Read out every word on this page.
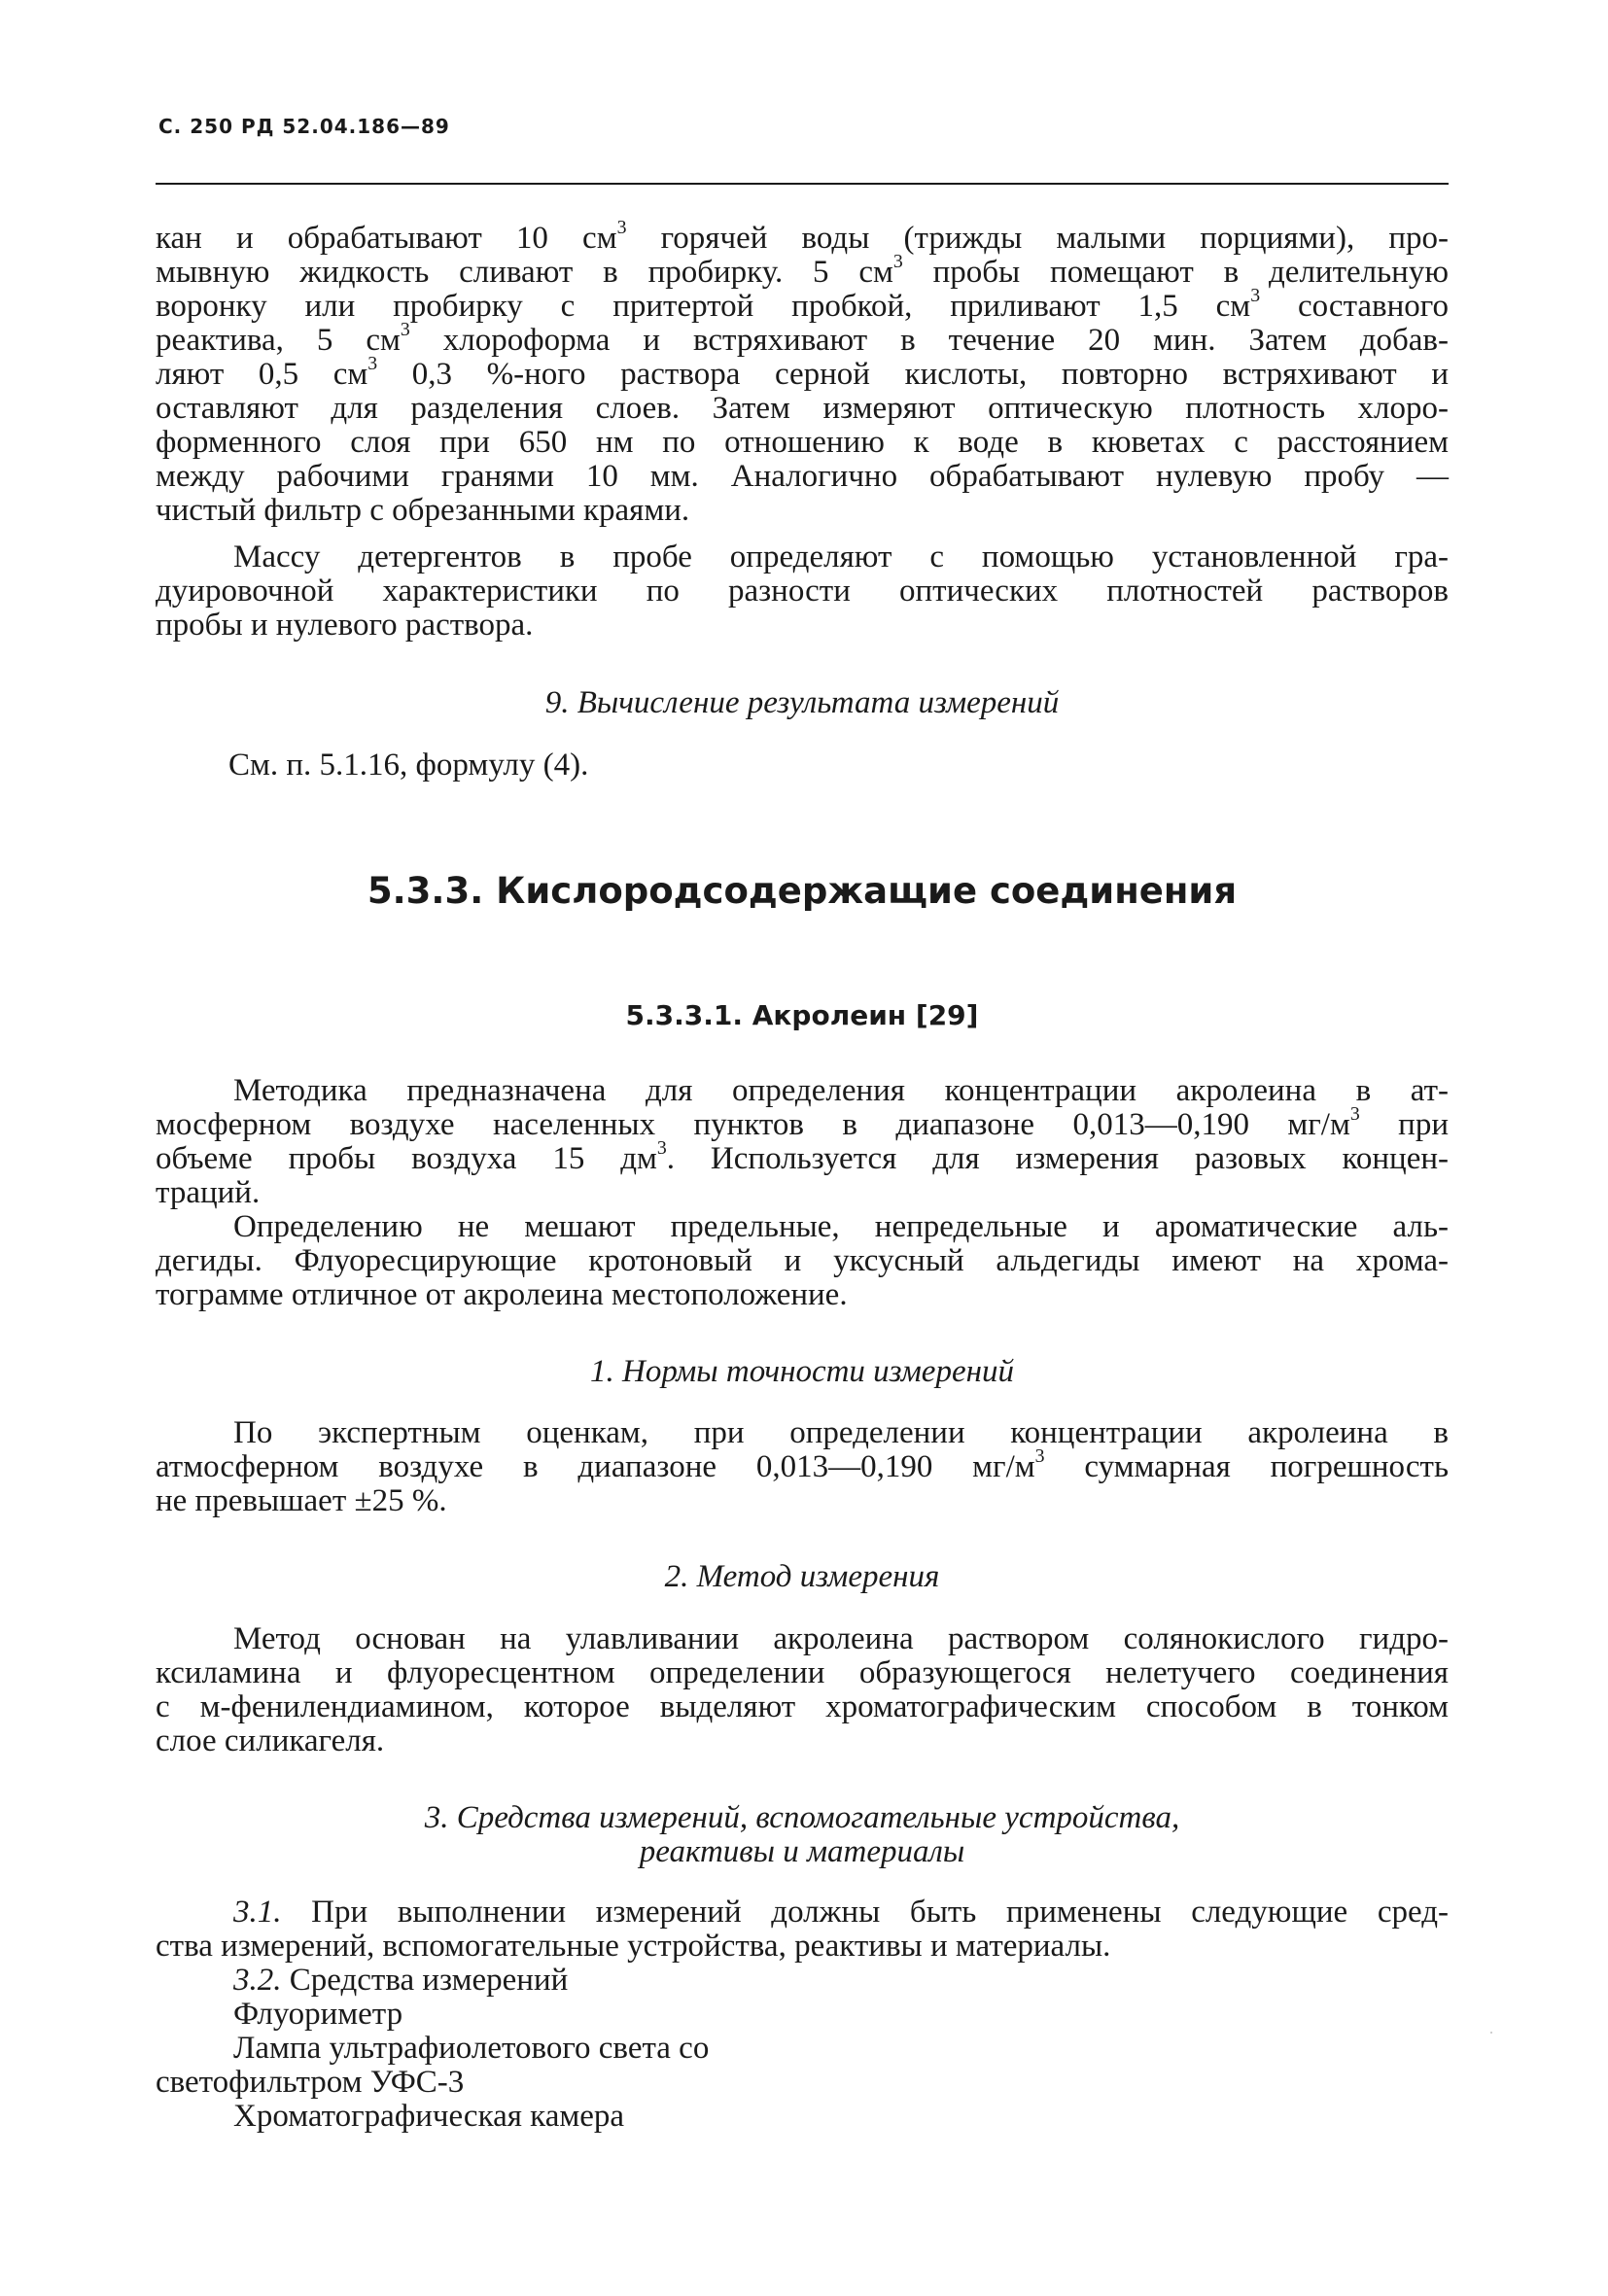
С. 250 РД 52.04.186—89
кан и обрабатывают 10 $см^3$ горячей воды (трижды малыми порциями), про-
мывную жидкость сливают в пробирку. 5 $см^3$ пробы помещают в делительную
воронку или пробирку с притертой пробкой, приливают 1,5 $см^3$ составного
реактива, 5 $см^3$ хлороформа и встряхивают в течение 20 мин. Затем добав-
ляют 0,5 $см^3$ 0,3 %-ного раствора серной кислоты, повторно встряхивают и
оставляют для разделения слоев. Затем измеряют оптическую плотность хлоро-
форменного слоя при 650 нм по отношению к воде в кюветах с расстоянием
между рабочими гранями 10 мм. Аналогично обрабатывают нулевую пробу —
чистый фильтр с обрезанными краями.
Массу детергентов в пробе определяют с помощью установленной гра-
дуировочной характеристики по разности оптических плотностей растворов
пробы и нулевого раствора.
9. Вычисление результата измерений
См. п. 5.1.16, формулу (4).
5.3.3. Кислородсодержащие соединения
5.3.3.1. Акролеин [29]
Методика предназначена для определения концентрации акролеина в ат-
мосферном воздухе населенных пунктов в диапазоне 0,013—0,190 $мг/м^3$ при
объеме пробы воздуха 15 $дм^3$. Используется для измерения разовых концен-
траций.
Определению не мешают предельные, непредельные и ароматические аль-
дегиды. Флуоресцирующие кротоновый и уксусный альдегиды имеют на хрома-
тограмме отличное от акролеина местоположение.
1. Нормы точности измерений
По экспертным оценкам, при определении концентрации акролеина в
атмосферном воздухе в диапазоне 0,013—0,190 $мг/м^3$ суммарная погрешность
не превышает ±25 %.
2. Метод измерения
Метод основан на улавливании акролеина раствором солянокислого гидро-
ксиламина и флуоресцентном определении образующегося нелетучего соединения
с м-фенилендиамином, которое выделяют хроматографическим способом в тонком
слое силикагеля.
3. Средства измерений, вспомогательные устройства,
реактивы и материалы
3.1. При выполнении измерений должны быть применены следующие сред-
ства измерений, вспомогательные устройства, реактивы и материалы.
3.2. Средства измерений
Флуориметр
Лампа ультрафиолетового света со
светофильтром УФС-3
Хроматографическая камера
